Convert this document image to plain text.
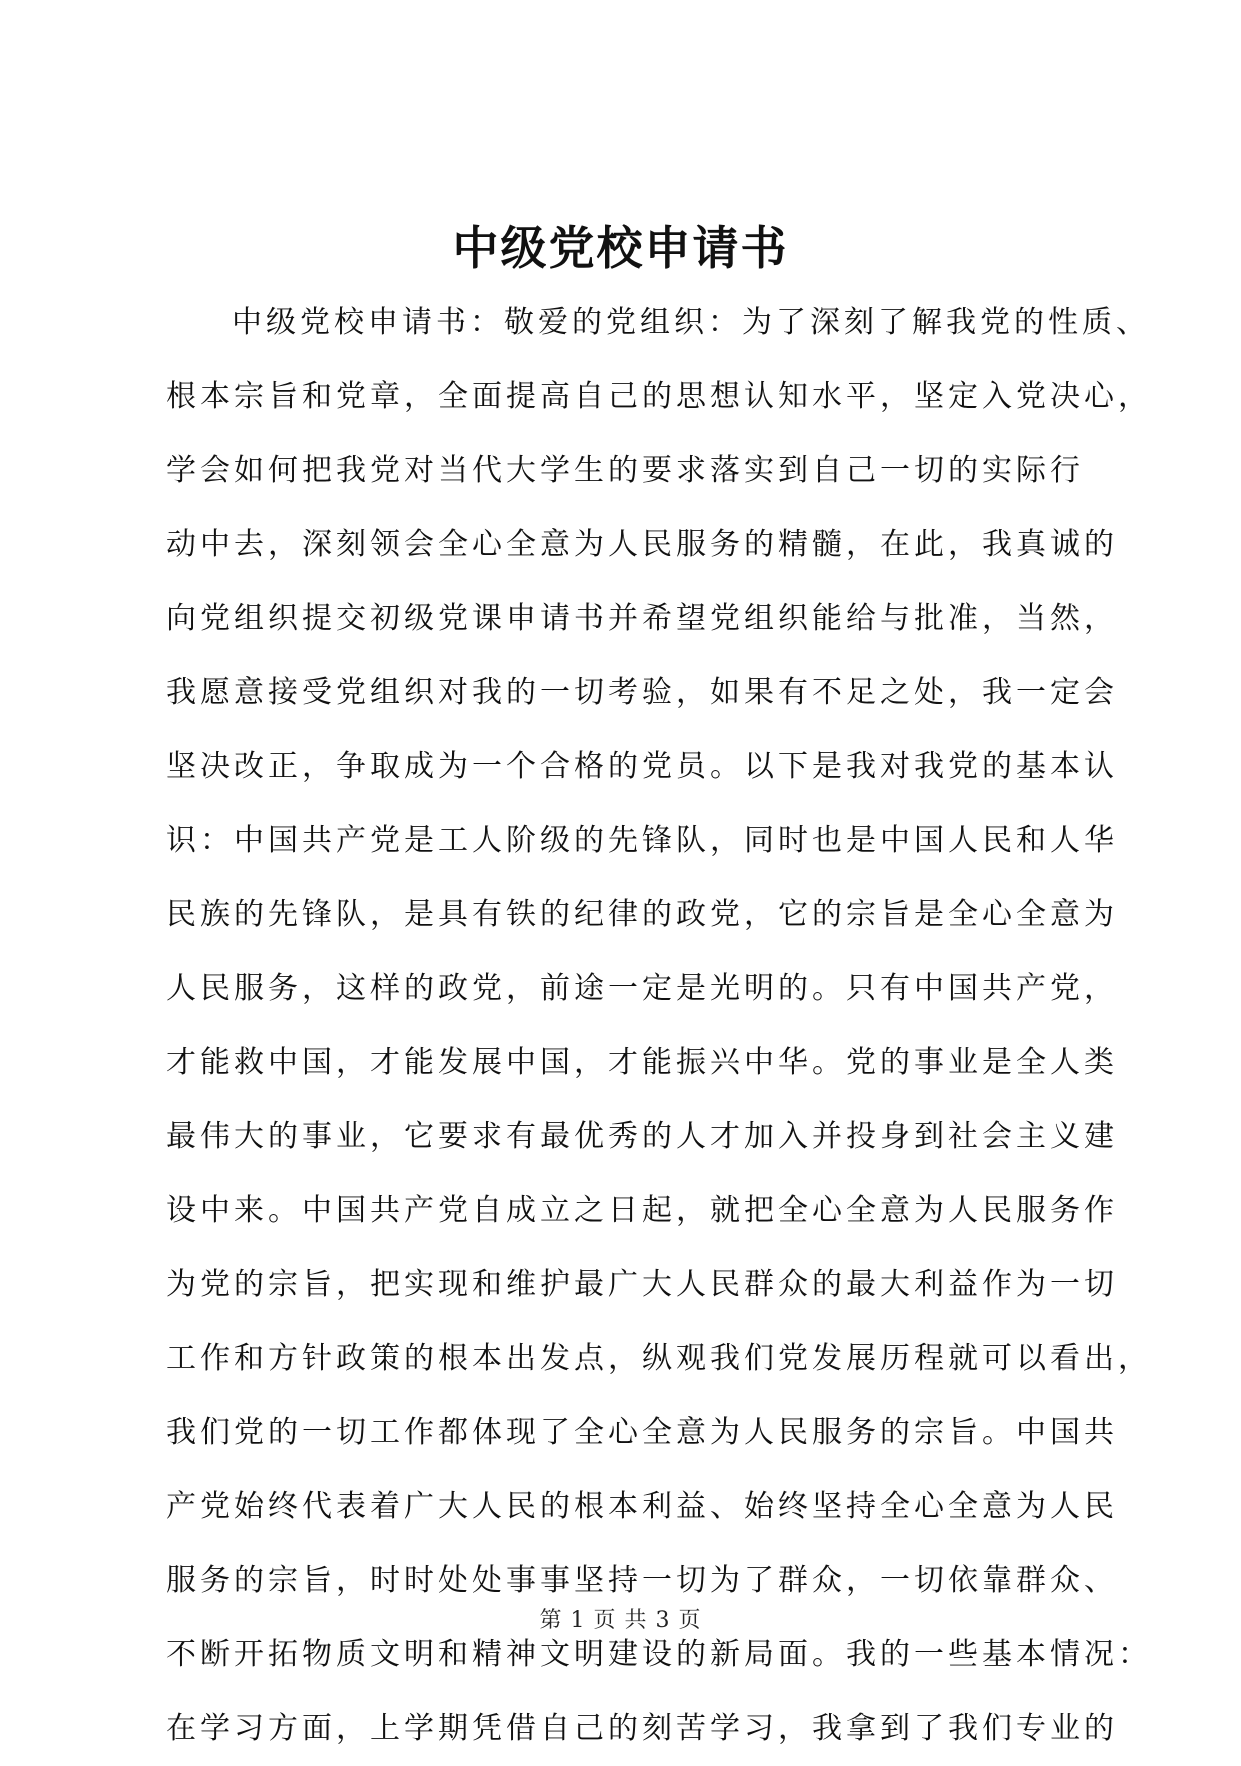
中级党校申请书
中级党校申请书：敬爱的党组织：为了深刻了解我党的性质、
根本宗旨和党章，全面提高自己的思想认知水平，坚定入党决心，
学会如何把我党对当代大学生的要求落实到自己一切的实际行
动中去，深刻领会全心全意为人民服务的精髓，在此，我真诚的
向党组织提交初级党课申请书并希望党组织能给与批准，当然，
我愿意接受党组织对我的一切考验，如果有不足之处，我一定会
坚决改正，争取成为一个合格的党员。以下是我对我党的基本认
识：中国共产党是工人阶级的先锋队，同时也是中国人民和人华
民族的先锋队，是具有铁的纪律的政党，它的宗旨是全心全意为
人民服务，这样的政党，前途一定是光明的。只有中国共产党，
才能救中国，才能发展中国，才能振兴中华。党的事业是全人类
最伟大的事业，它要求有最优秀的人才加入并投身到社会主义建
设中来。中国共产党自成立之日起，就把全心全意为人民服务作
为党的宗旨，把实现和维护最广大人民群众的最大利益作为一切
工作和方针政策的根本出发点，纵观我们党发展历程就可以看出，
我们党的一切工作都体现了全心全意为人民服务的宗旨。中国共
产党始终代表着广大人民的根本利益、始终坚持全心全意为人民
服务的宗旨，时时处处事事坚持一切为了群众，一切依靠群众、
不断开拓物质文明和精神文明建设的新局面。我的一些基本情况：
在学习方面，上学期凭借自己的刻苦学习，我拿到了我们专业的
第 1 页 共 3 页
